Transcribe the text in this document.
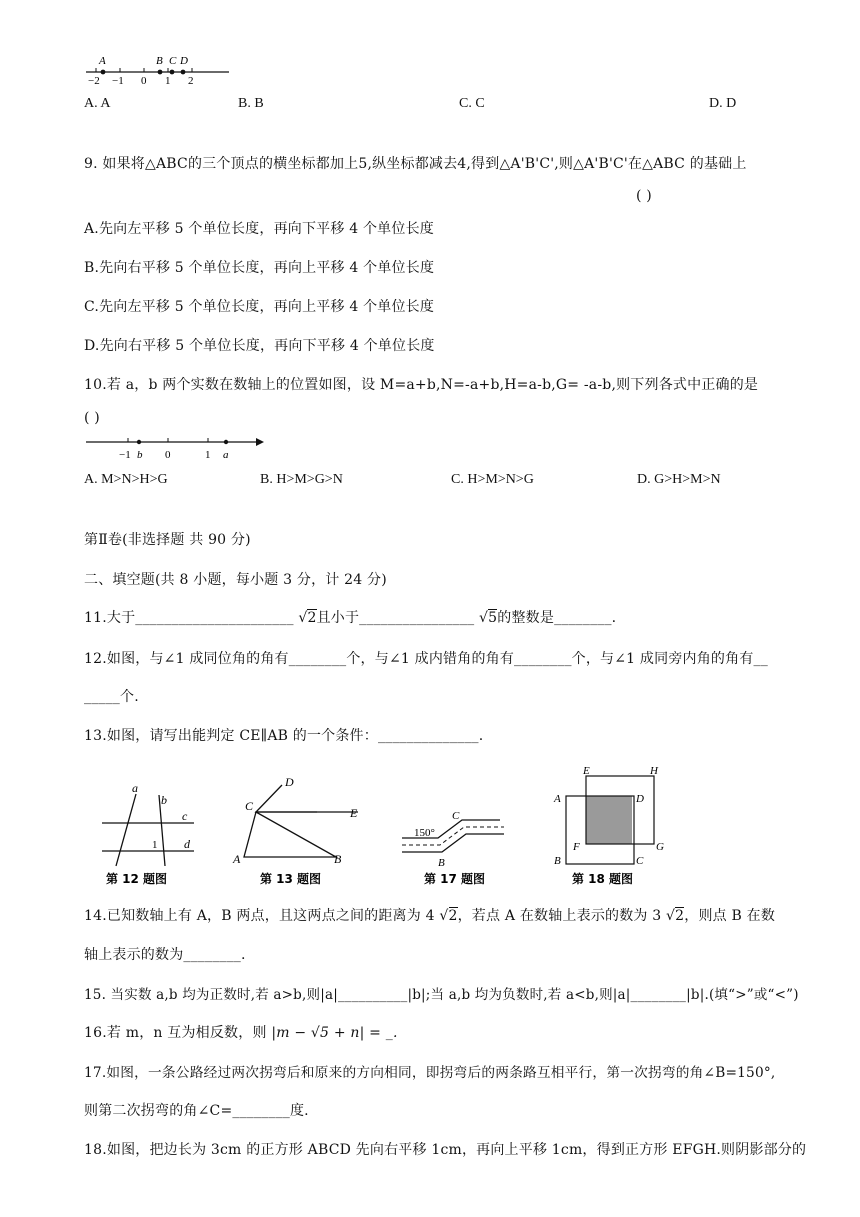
A	B C D
−2 −1 0 1 2
A. A	B. B	C. C	D. D
9. 如果将△ABC的三个顶点的横坐标都加上5,纵坐标都减去4,得到△A'B'C',则△A'B'C'在△ABC 的基础上
( )
A.先向左平移 5 个单位长度，再向下平移 4 个单位长度
B.先向右平移 5 个单位长度，再向上平移 4 个单位长度
C.先向左平移 5 个单位长度，再向上平移 4 个单位长度
D.先向右平移 5 个单位长度，再向下平移 4 个单位长度
10.若 a，b 两个实数在数轴上的位置如图，设 M=a+b,N=-a+b,H=a-b,G= -a-b,则下列各式中正确的是
( )
−1 b 0	1 a
A. M>N>H>G	B. H>M>G>N	C. H>M>N>G	D. G>H>M>N
第Ⅱ卷(非选择题 共 90 分)
二、填空题(共 8 小题，每小题 3 分，计 24 分)
11.大于______________________ √2且小于________________ √5的整数是________.
12.如图，与∠1 成同位角的角有________个，与∠1 成内错角的角有________个，与∠1 成同旁内角的角有__
_____个.
13.如图，请写出能判定 CE∥AB 的一个条件：______________.
a
b
c
d
1
第 12 题图
D
C	E
A	B
第 13 题图
C
150°
B
第 17 题图
E	H
A	D
F	G
B	C
第 18 题图
14.已知数轴上有 A，B 两点，且这两点之间的距离为 4 √2，若点 A 在数轴上表示的数为 3 √2，则点 B 在数
轴上表示的数为________.
15. 当实数 a,b 均为正数时,若 a>b,则|a|__________|b|;当 a,b 均为负数时,若 a<b,则|a|________|b|.(填“>”或“<”)
16.若 m，n 互为相反数，则 |m − √5 + n| = _.
17.如图，一条公路经过两次拐弯后和原来的方向相同，即拐弯后的两条路互相平行，第一次拐弯的角∠B=150°,
则第二次拐弯的角∠C=________度.
18.如图，把边长为 3cm 的正方形 ABCD 先向右平移 1cm，再向上平移 1cm，得到正方形 EFGH.则阴影部分的
